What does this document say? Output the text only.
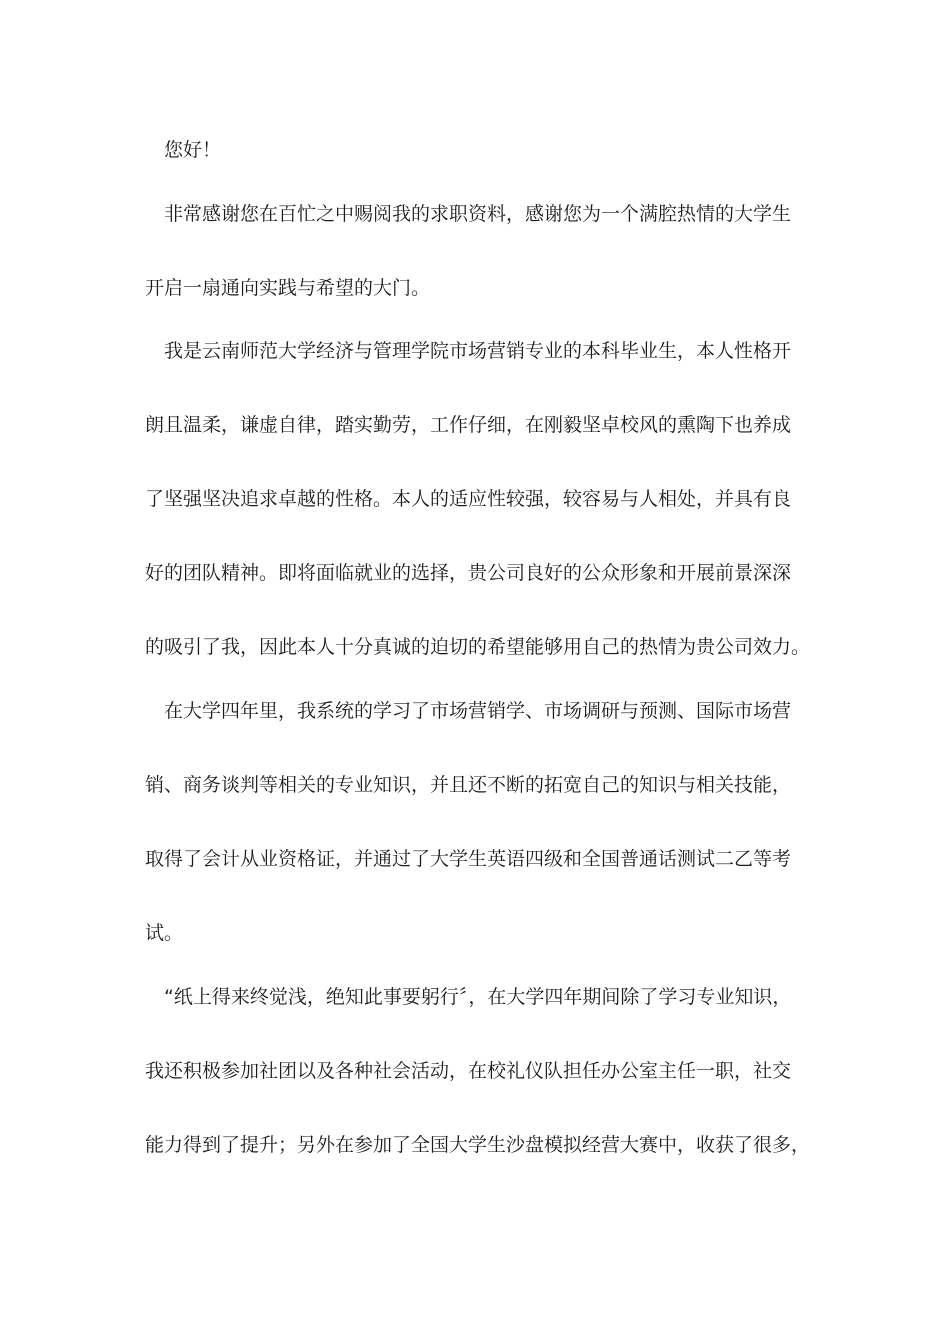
　您好！
　非常感谢您在百忙之中赐阅我的求职资料，感谢您为一个满腔热情的大学生
开启一扇通向实践与希望的大门。
　我是云南师范大学经济与管理学院市场营销专业的本科毕业生，本人性格开
朗且温柔，谦虚自律，踏实勤劳，工作仔细，在刚毅坚卓校风的熏陶下也养成
了坚强坚决追求卓越的性格。本人的适应性较强，较容易与人相处，并具有良
好的团队精神。即将面临就业的选择，贵公司良好的公众形象和开展前景深深
的吸引了我，因此本人十分真诚的迫切的希望能够用自己的热情为贵公司效力。
　在大学四年里，我系统的学习了市场营销学、市场调研与预测、国际市场营
销、商务谈判等相关的专业知识，并且还不断的拓宽自己的知识与相关技能，
取得了会计从业资格证，并通过了大学生英语四级和全国普通话测试二乙等考
试。
　“纸上得来终觉浅，绝知此事要躬行〞，在大学四年期间除了学习专业知识，
我还积极参加社团以及各种社会活动，在校礼仪队担任办公室主任一职，社交
能力得到了提升；另外在参加了全国大学生沙盘模拟经营大赛中，收获了很多，
